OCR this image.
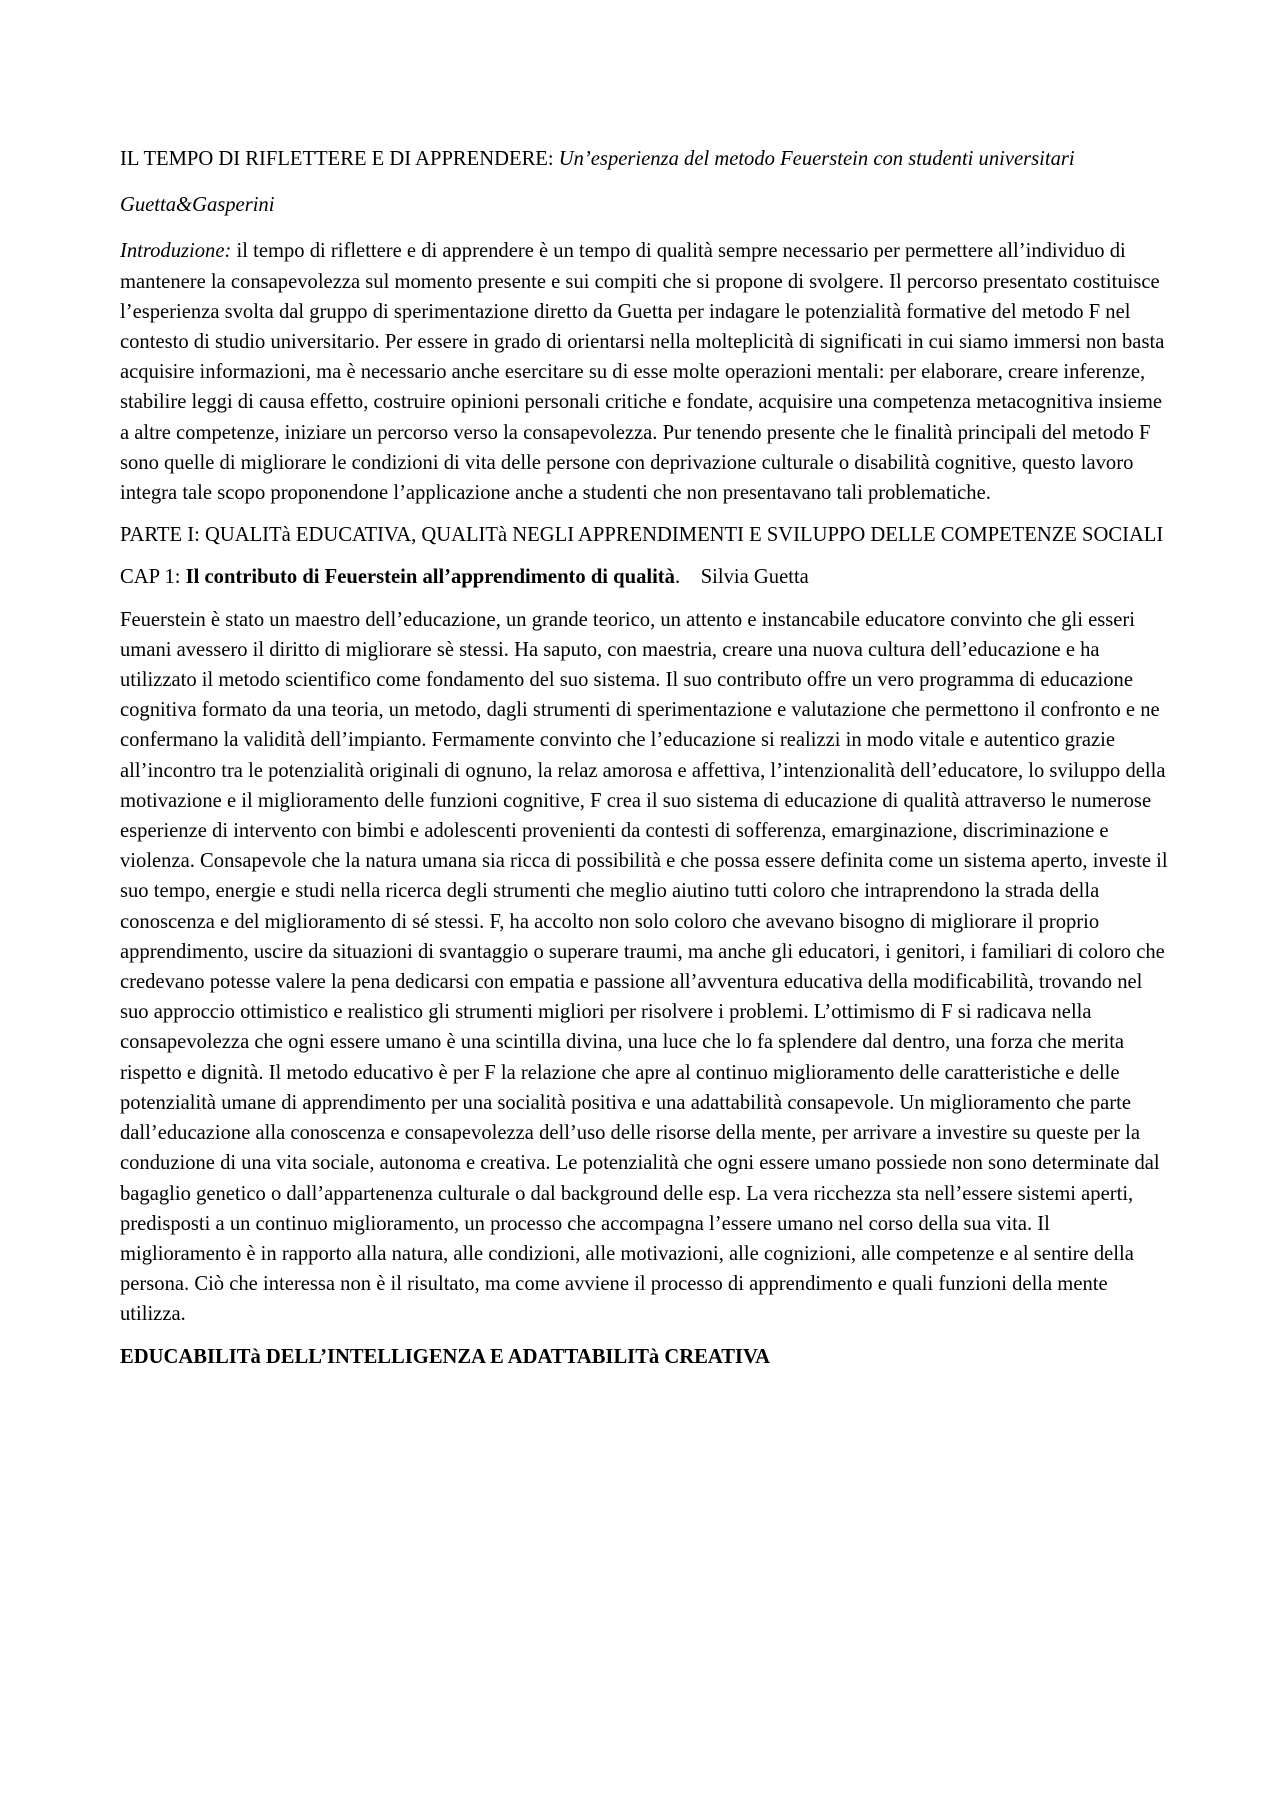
IL TEMPO DI RIFLETTERE E DI APPRENDERE: Un’esperienza del metodo Feuerstein con studenti universitari

Guetta&Gasperini

Introduzione: il tempo di riflettere e di apprendere è un tempo di qualità sempre necessario per permettere all’individuo di mantenere la consapevolezza sul momento presente e sui compiti che si propone di svolgere. Il percorso presentato costituisce l’esperienza svolta dal gruppo di sperimentazione diretto da Guetta per indagare le potenzialità formative del metodo F nel contesto di studio universitario. Per essere in grado di orientarsi nella molteplicità di significati in cui siamo immersi non basta acquisire informazioni, ma è necessario anche esercitare su di esse molte operazioni mentali: per elaborare, creare inferenze, stabilire leggi di causa effetto, costruire opinioni personali critiche e fondate, acquisire una competenza metacognitiva insieme a altre competenze, iniziare un percorso verso la consapevolezza. Pur tenendo presente che le finalità principali del metodo F sono quelle di migliorare le condizioni di vita delle persone con deprivazione culturale o disabilità cognitive, questo lavoro integra tale scopo proponendone l’applicazione anche a studenti che non presentavano tali problematiche.

PARTE I: QUALITà EDUCATIVA, QUALITà NEGLI APPRENDIMENTI E SVILUPPO DELLE COMPETENZE SOCIALI

CAP 1: Il contributo di Feuerstein all’apprendimento di qualità.    Silvia Guetta

Feuerstein è stato un maestro dell’educazione, un grande teorico, un attento e instancabile educatore convinto che gli esseri umani avessero il diritto di migliorare sè stessi. Ha saputo, con maestria, creare una nuova cultura dell’educazione e ha utilizzato il metodo scientifico come fondamento del suo sistema. Il suo contributo offre un vero programma di educazione cognitiva formato da una teoria, un metodo, dagli strumenti di sperimentazione e valutazione che permettono il confronto e ne confermano la validità dell’impianto. Fermamente convinto che l’educazione si realizzi in modo vitale e autentico grazie all’incontro tra le potenzialità originali di ognuno, la relaz amorosa e affettiva, l’intenzionalità dell’educatore, lo sviluppo della motivazione e il miglioramento delle funzioni cognitive, F crea il suo sistema di educazione di qualità attraverso le numerose esperienze di intervento con bimbi e adolescenti provenienti da contesti di sofferenza, emarginazione, discriminazione e violenza. Consapevole che la natura umana sia ricca di possibilità e che possa essere definita come un sistema aperto, investe il suo tempo, energie e studi nella ricerca degli strumenti che meglio aiutino tutti coloro che intraprendono la strada della conoscenza e del miglioramento di sé stessi. F, ha accolto non solo coloro che avevano bisogno di migliorare il proprio apprendimento, uscire da situazioni di svantaggio o superare traumi, ma anche gli educatori, i genitori, i familiari di coloro che credevano potesse valere la pena dedicarsi con empatia e passione all’avventura educativa della modificabilità, trovando nel suo approccio ottimistico e realistico gli strumenti migliori per risolvere i problemi. L’ottimismo di F si radicava nella consapevolezza che ogni essere umano è una scintilla divina, una luce che lo fa splendere dal dentro, una forza che merita rispetto e dignità. Il metodo educativo è per F la relazione che apre al continuo miglioramento delle caratteristiche e delle potenzialità umane di apprendimento per una socialità positiva e una adattabilità consapevole. Un miglioramento che parte dall’educazione alla conoscenza e consapevolezza dell’uso delle risorse della mente, per arrivare a investire su queste per la conduzione di una vita sociale, autonoma e creativa. Le potenzialità che ogni essere umano possiede non sono determinate dal bagaglio genetico o dall’appartenenza culturale o dal background delle esp. La vera ricchezza sta nell’essere sistemi aperti, predisposti a un continuo miglioramento, un processo che accompagna l’essere umano nel corso della sua vita. Il miglioramento è in rapporto alla natura, alle condizioni, alle motivazioni, alle cognizioni, alle competenze e al sentire della persona. Ciò che interessa non è il risultato, ma come avviene il processo di apprendimento e quali funzioni della mente utilizza.

EDUCABILITà DELL’INTELLIGENZA E ADATTABILITà CREATIVA
